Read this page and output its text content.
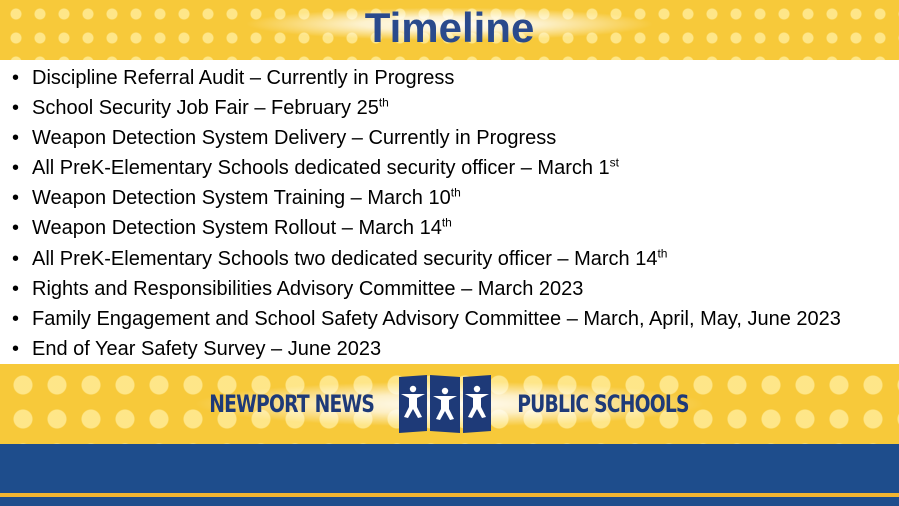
Timeline
• Discipline Referral Audit – Currently in Progress
• School Security Job Fair – February 25th
• Weapon Detection System Delivery – Currently in Progress
• All PreK-Elementary Schools dedicated security officer – March 1st
• Weapon Detection System Training – March 10th
• Weapon Detection System Rollout – March 14th
• All PreK-Elementary Schools two dedicated security officer – March 14th
• Rights and Responsibilities Advisory Committee – March 2023
• Family Engagement and School Safety Advisory Committee – March, April, May, June 2023
• End of Year Safety Survey – June 2023
NEWPORT NEWS	PUBLIC SCHOOLS
